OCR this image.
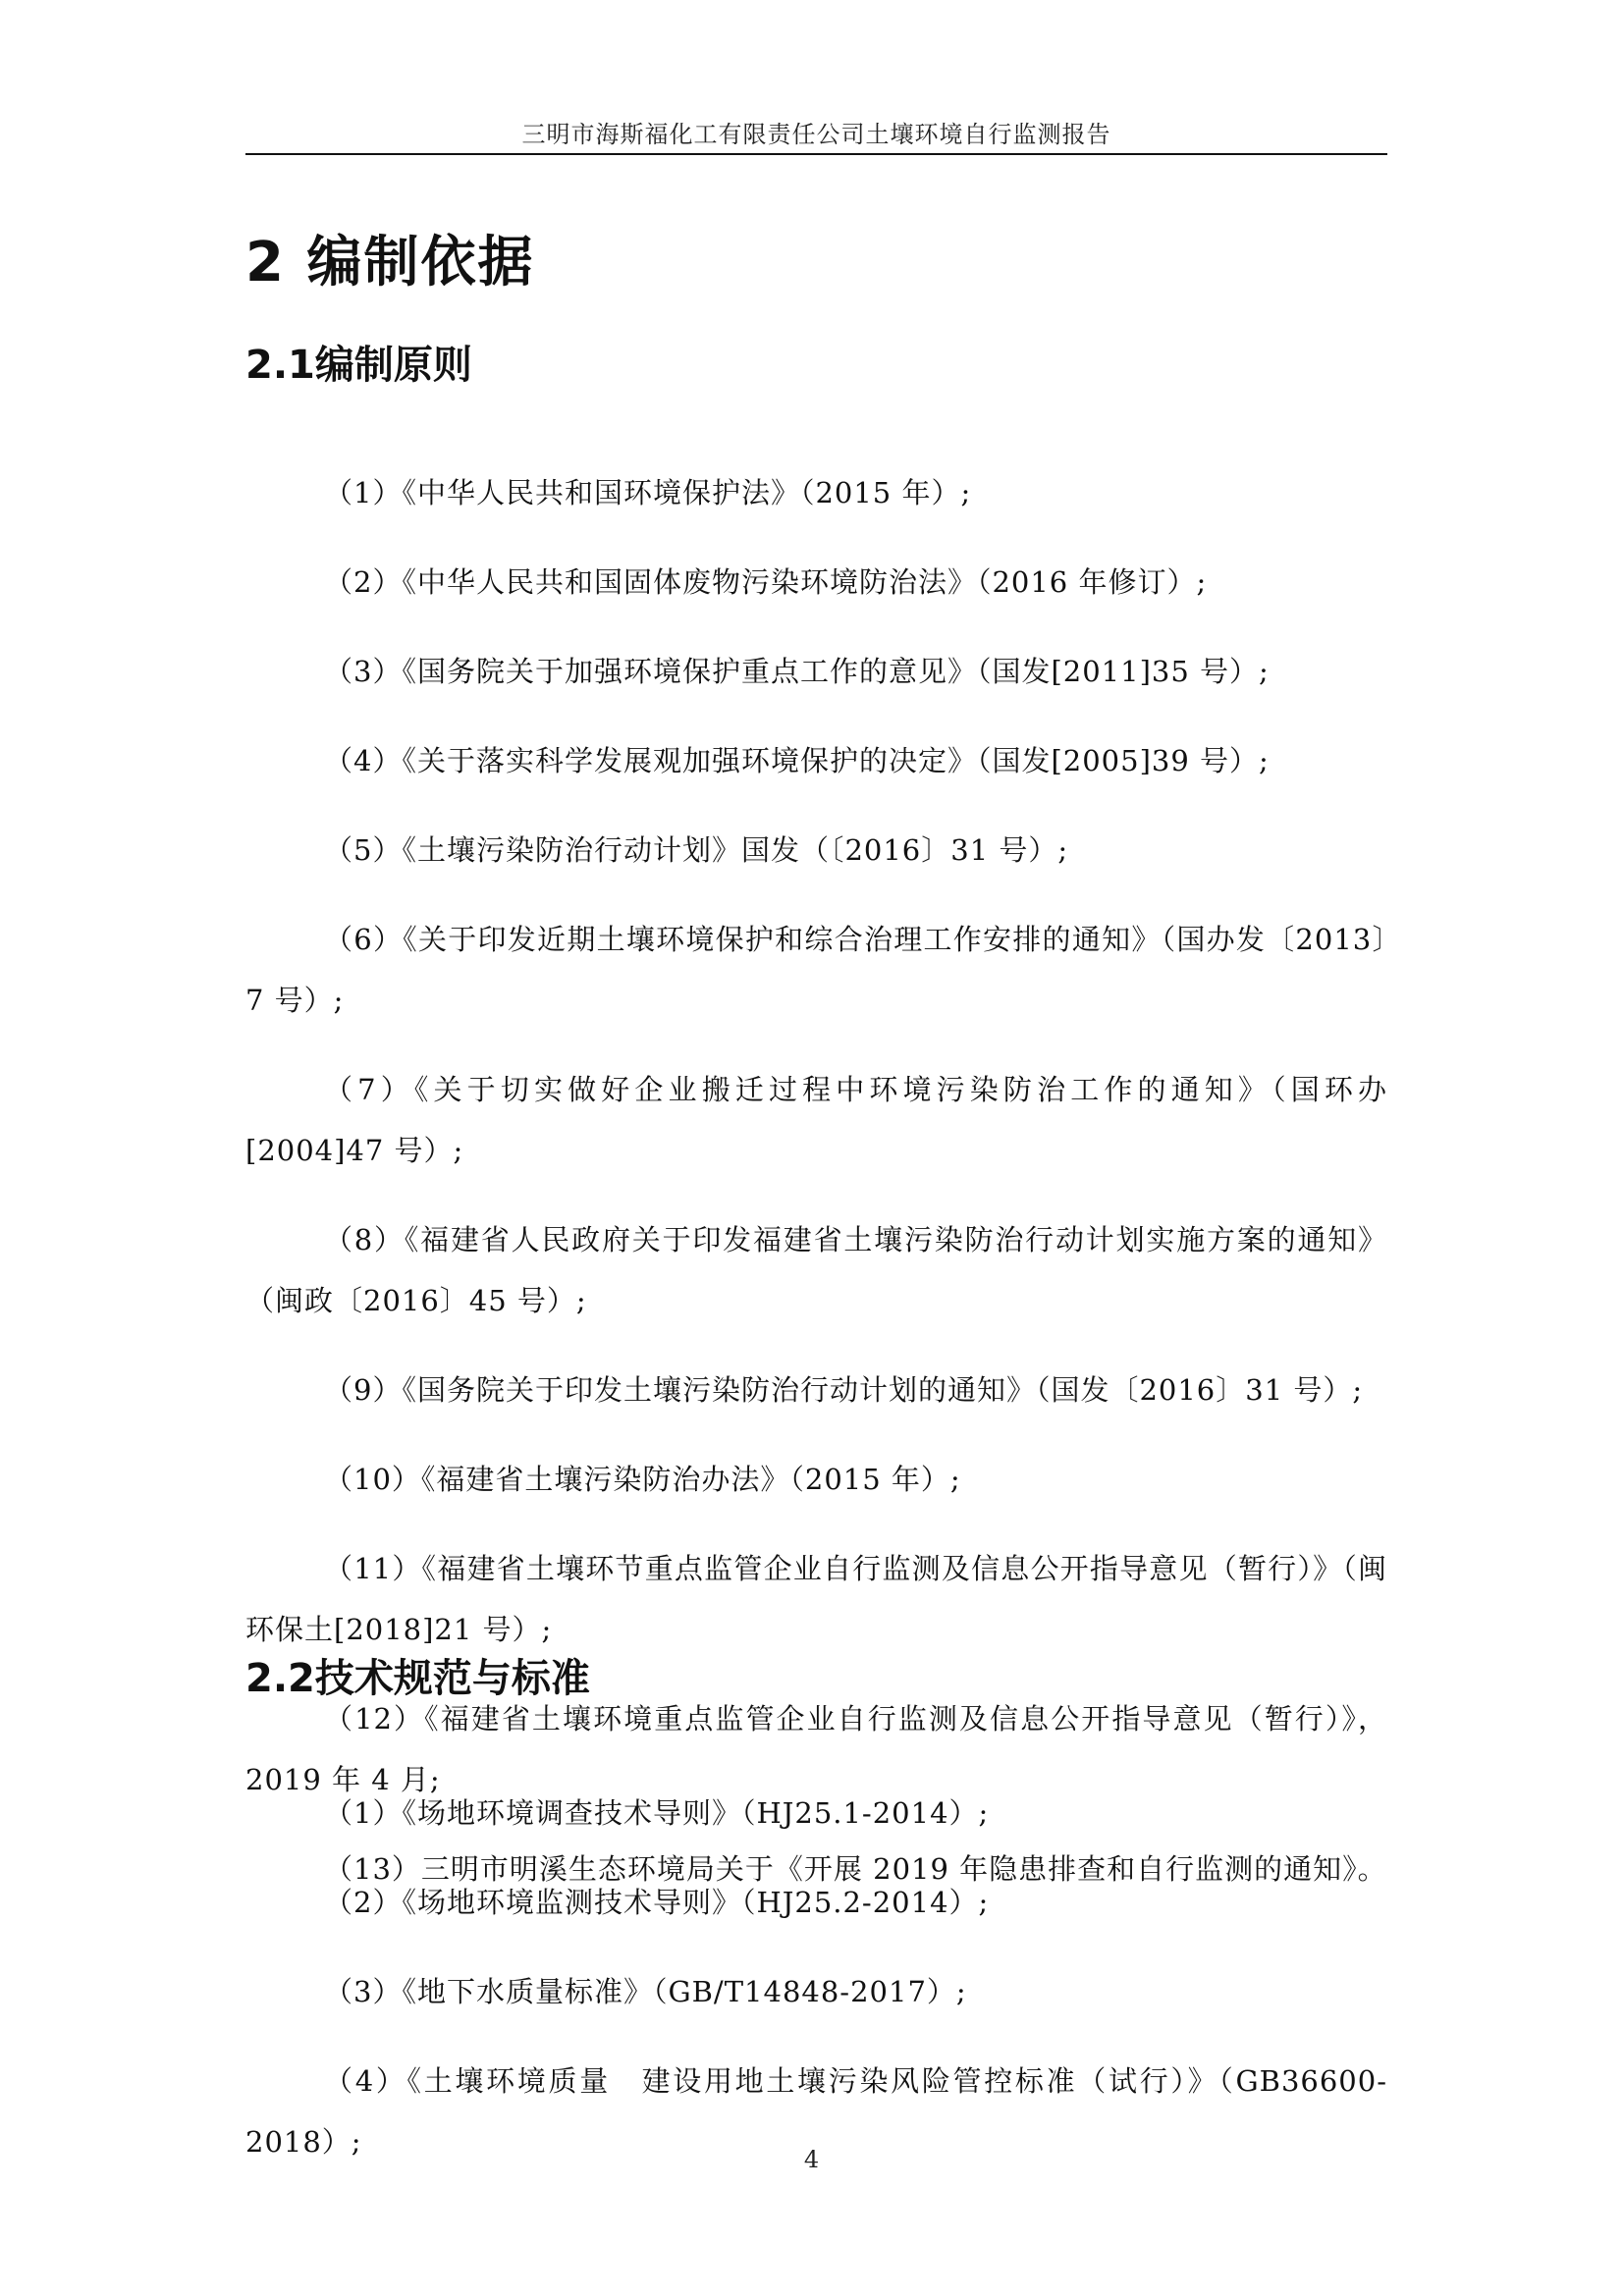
三明市海斯福化工有限责任公司土壤环境自行监测报告
2 编制依据
2.1编制原则

（1）《中华人民共和国环境保护法》（2015 年）;

（2）《中华人民共和国固体废物污染环境防治法》（2016 年修订）;

（3）《国务院关于加强环境保护重点工作的意见》（国发[2011]35 号）;

（4）《关于落实科学发展观加强环境保护的决定》（国发[2005]39 号）;

（5）《土壤污染防治行动计划》国发（〔2016〕31 号）;

（6）《关于印发近期土壤环境保护和综合治理工作安排的通知》（国办发〔2013〕7 号）;

（7）《关于切实做好企业搬迁过程中环境污染防治工作的通知》（国环办[2004]47 号）;

（8）《福建省人民政府关于印发福建省土壤污染防治行动计划实施方案的通知》（闽政〔2016〕45 号）;

（9）《国务院关于印发土壤污染防治行动计划的通知》（国发〔2016〕31 号）;

（10）《福建省土壤污染防治办法》（2015 年）;

（11）《福建省土壤环节重点监管企业自行监测及信息公开指导意见（暂行）》（闽环保土[2018]21 号）;

（12）《福建省土壤环境重点监管企业自行监测及信息公开指导意见（暂行）》，2019 年 4 月;

（13）三明市明溪生态环境局关于《开展 2019 年隐患排查和自行监测的通知》。

2.2技术规范与标准

（1）《场地环境调查技术导则》（HJ25.1-2014）;

（2）《场地环境监测技术导则》（HJ25.2-2014）;

（3）《地下水质量标准》（GB/T14848-2017）;

（4）《土壤环境质量　建设用地土壤污染风险管控标准（试行）》（GB36600-2018）;

4
